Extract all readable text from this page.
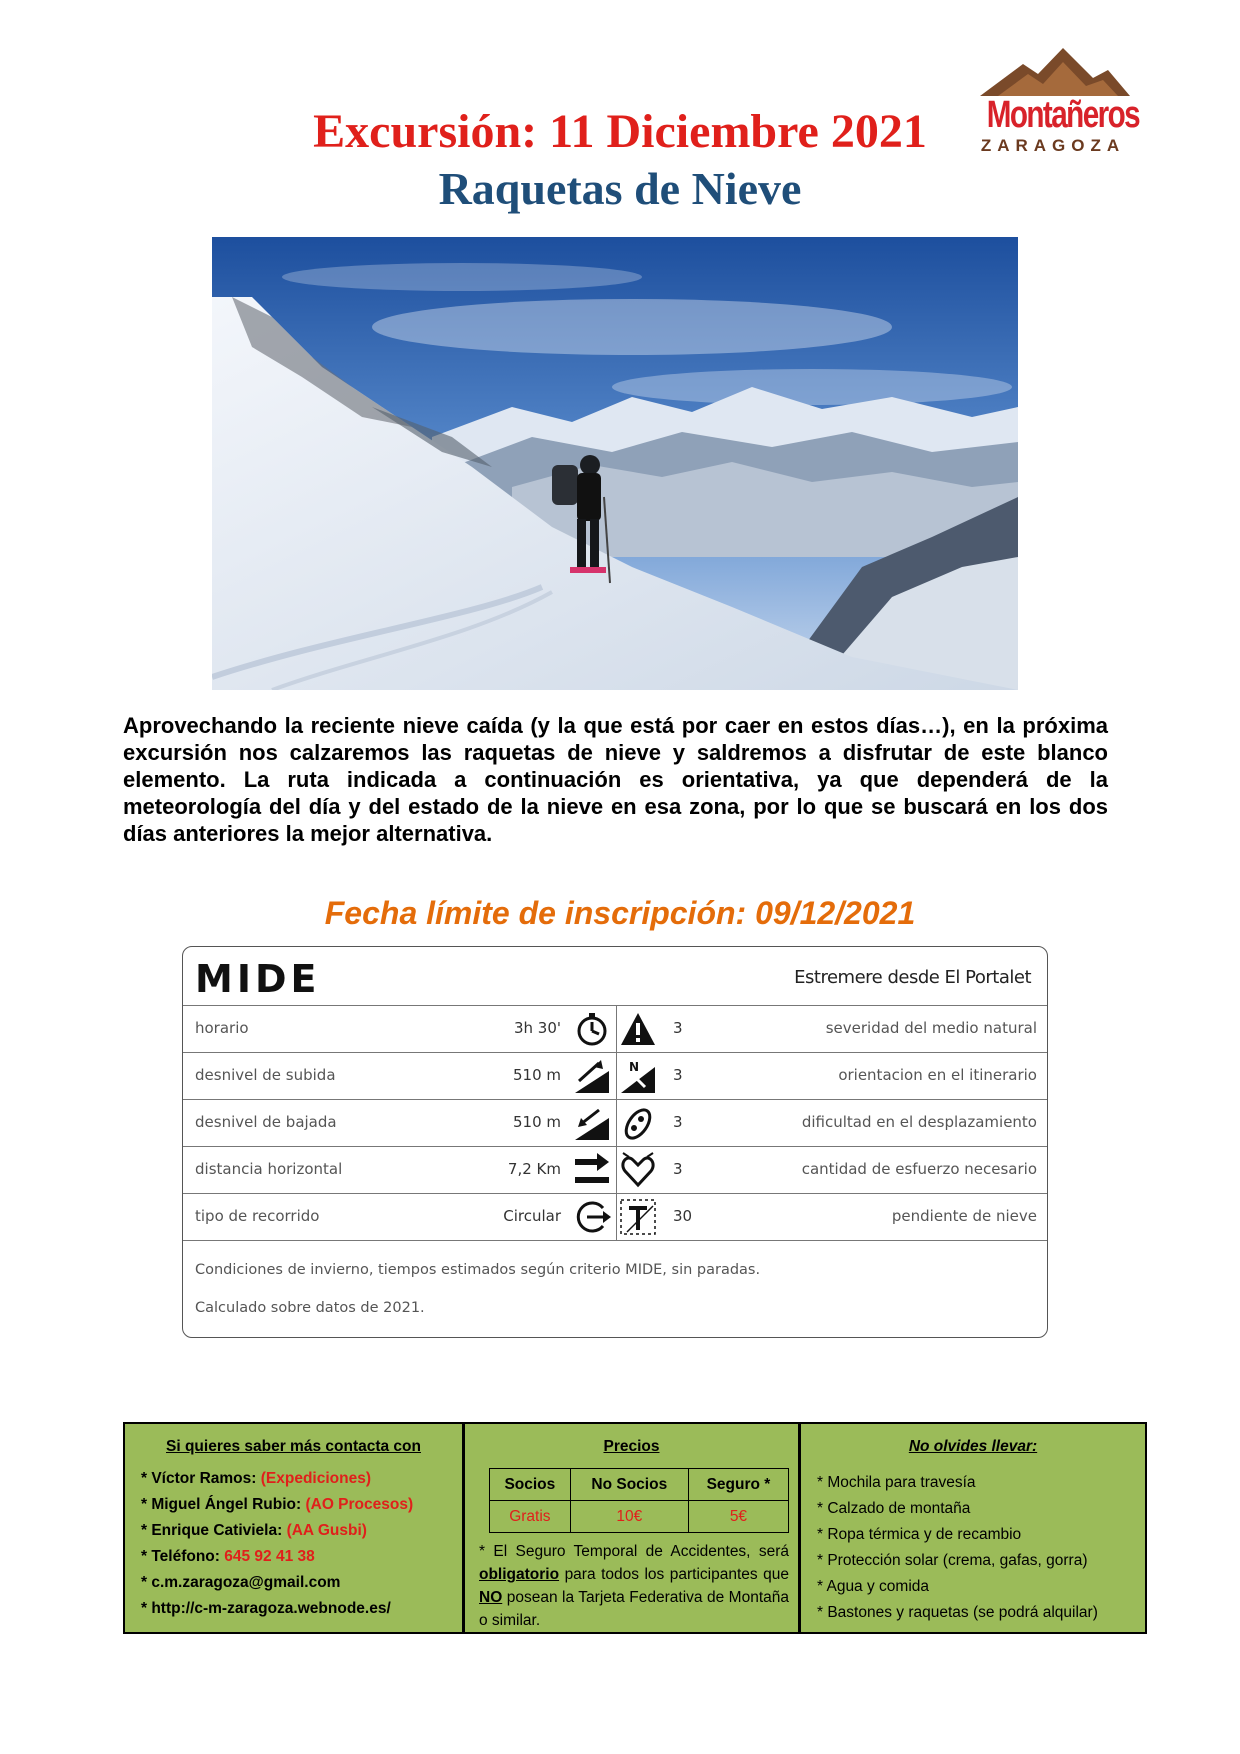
Montañeros
ZARAGOZA
Excursión: 11 Diciembre 2021
Raquetas de Nieve
Aprovechando la reciente nieve caída (y la que está por caer en estos días…), en la próxima excursión nos calzaremos las raquetas de nieve y saldremos a disfrutar de este blanco elemento. La ruta indicada a continuación es orientativa, ya que dependerá de la meteorología del día y del estado de la nieve en esa zona, por lo que se buscará en los dos días anteriores la mejor alternativa.
Fecha límite de inscripción: 09/12/2021
MIDE	Estremere desde El Portalet
horario	3h 30'	3	severidad del medio natural
desnivel de subida	510 m	N 3	orientacion en el itinerario
desnivel de bajada	510 m	3	dificultad en el desplazamiento
distancia horizontal	7,2 Km	3	cantidad de esfuerzo necesario
tipo de recorrido	Circular	30	pendiente de nieve
Condiciones de invierno, tiempos estimados según criterio MIDE, sin paradas.
Calculado sobre datos de 2021.
Si quieres saber más contacta con
* Víctor Ramos: (Expediciones)
* Miguel Ángel Rubio: (AO Procesos)
* Enrique Cativiela: (AA Gusbi)
* Teléfono: 645 92 41 38
* c.m.zaragoza@gmail.com
* http://c-m-zaragoza.webnode.es/
Precios
Socios	No Socios	Seguro *
Gratis	10€	5€
* El Seguro Temporal de Accidentes, será obligatorio para todos los participantes que NO posean la Tarjeta Federativa de Montaña o similar.
No olvides llevar:
* Mochila para travesía
* Calzado de montaña
* Ropa térmica y de recambio
* Protección solar (crema, gafas, gorra)
* Agua y comida
* Bastones y raquetas (se podrá alquilar)
